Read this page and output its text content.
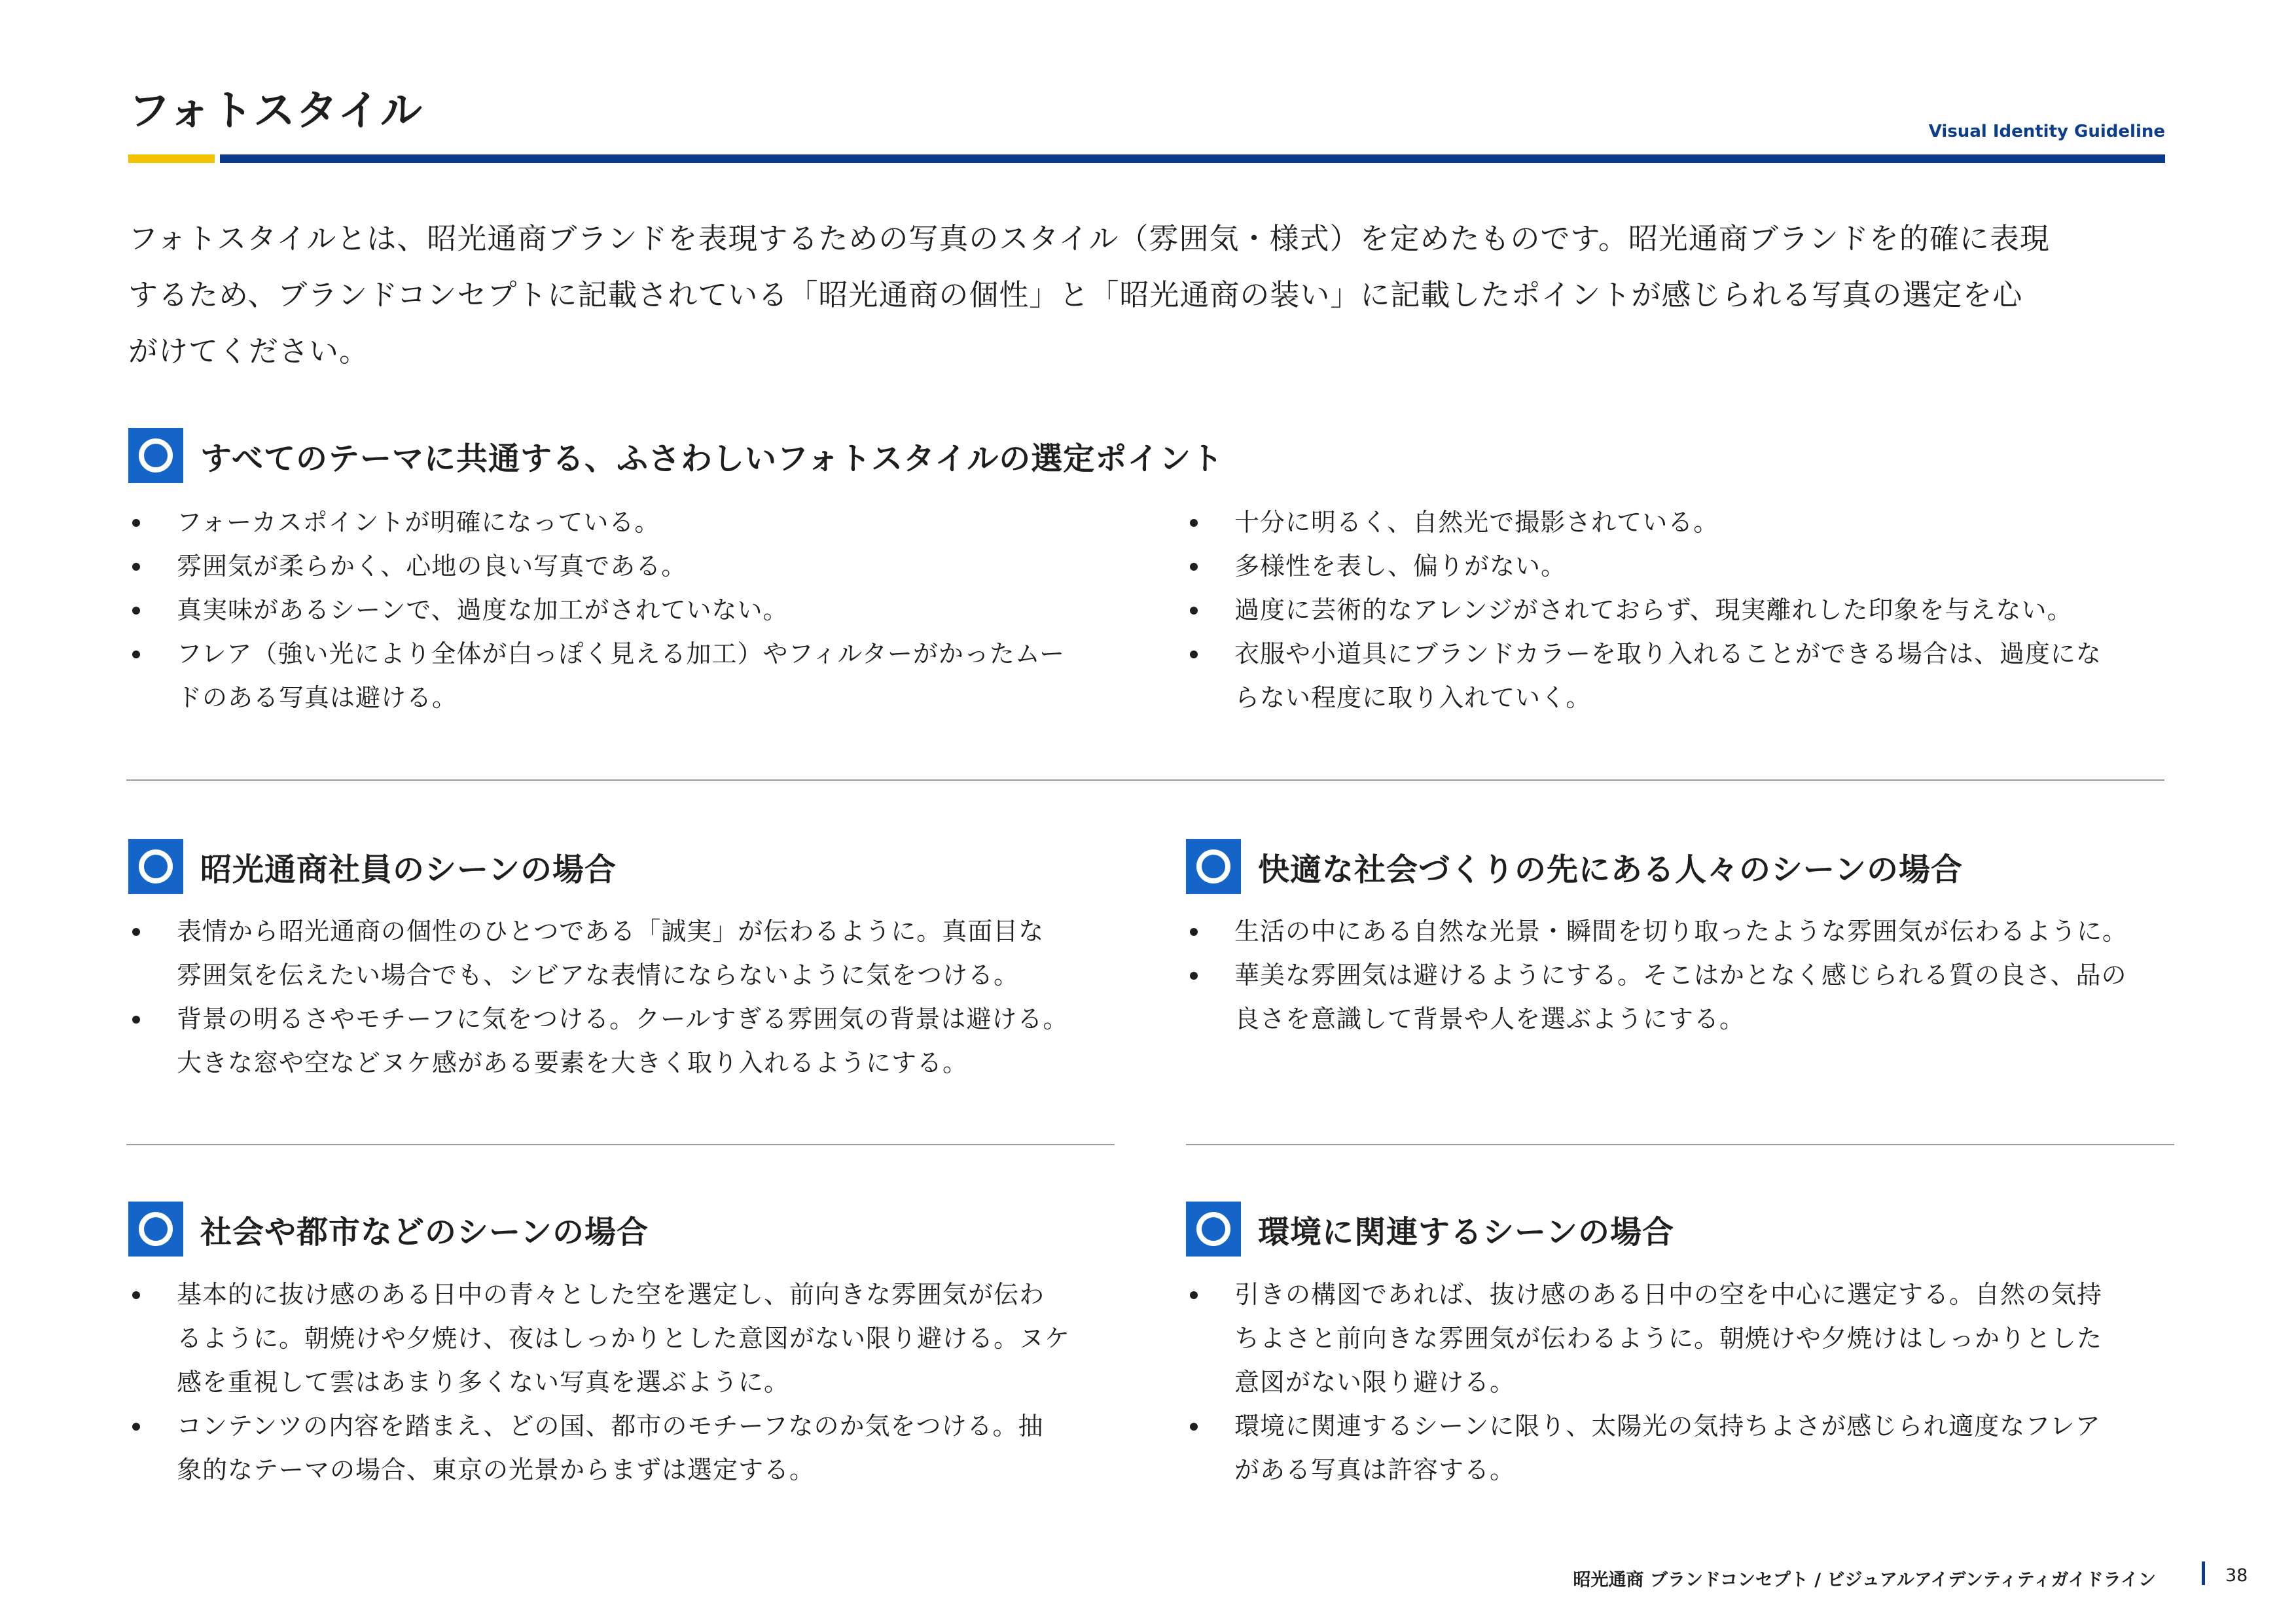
フォトスタイル	Visual Identity Guideline

フォトスタイルとは、昭光通商ブランドを表現するための写真のスタイル（雰囲気・様式）を定めたものです。昭光通商ブランドを的確に表現

するため、ブランドコンセプトに記載されている「昭光通商の個性」と「昭光通商の装い」に記載したポイントが感じられる写真の選定を心

がけてください。

すべてのテーマに共通する、ふさわしいフォトスタイルの選定ポイント
フォーカスポイントが明確になっている。
雰囲気が柔らかく、心地の良い写真である。
真実味があるシーンで、過度な加工がされていない。
フレア（強い光により全体が白っぽく見える加工）やフィルターがかったムー
ドのある写真は避ける。
十分に明るく、自然光で撮影されている。
多様性を表し、偏りがない。
過度に芸術的なアレンジがされておらず、現実離れした印象を与えない。
衣服や小道具にブランドカラーを取り入れることができる場合は、過度にな
らない程度に取り入れていく。
昭光通商社員のシーンの場合
表情から昭光通商の個性のひとつである「誠実」が伝わるように。真面目な
雰囲気を伝えたい場合でも、シビアな表情にならないように気をつける。
背景の明るさやモチーフに気をつける。クールすぎる雰囲気の背景は避ける。
大きな窓や空などヌケ感がある要素を大きく取り入れるようにする。
快適な社会づくりの先にある人々のシーンの場合
生活の中にある自然な光景・瞬間を切り取ったような雰囲気が伝わるように。
華美な雰囲気は避けるようにする。そこはかとなく感じられる質の良さ、品の
良さを意識して背景や人を選ぶようにする。
社会や都市などのシーンの場合
基本的に抜け感のある日中の青々とした空を選定し、前向きな雰囲気が伝わ
るように。朝焼けや夕焼け、夜はしっかりとした意図がない限り避ける。ヌケ
感を重視して雲はあまり多くない写真を選ぶように。
コンテンツの内容を踏まえ、どの国、都市のモチーフなのか気をつける。抽
象的なテーマの場合、東京の光景からまずは選定する。
環境に関連するシーンの場合
引きの構図であれば、抜け感のある日中の空を中心に選定する。自然の気持
ちよさと前向きな雰囲気が伝わるように。朝焼けや夕焼けはしっかりとした
意図がない限り避ける。
環境に関連するシーンに限り、太陽光の気持ちよさが感じられ適度なフレア
がある写真は許容する。
昭光通商 ブランドコンセプト / ビジュアルアイデンティティガイドライン	38
